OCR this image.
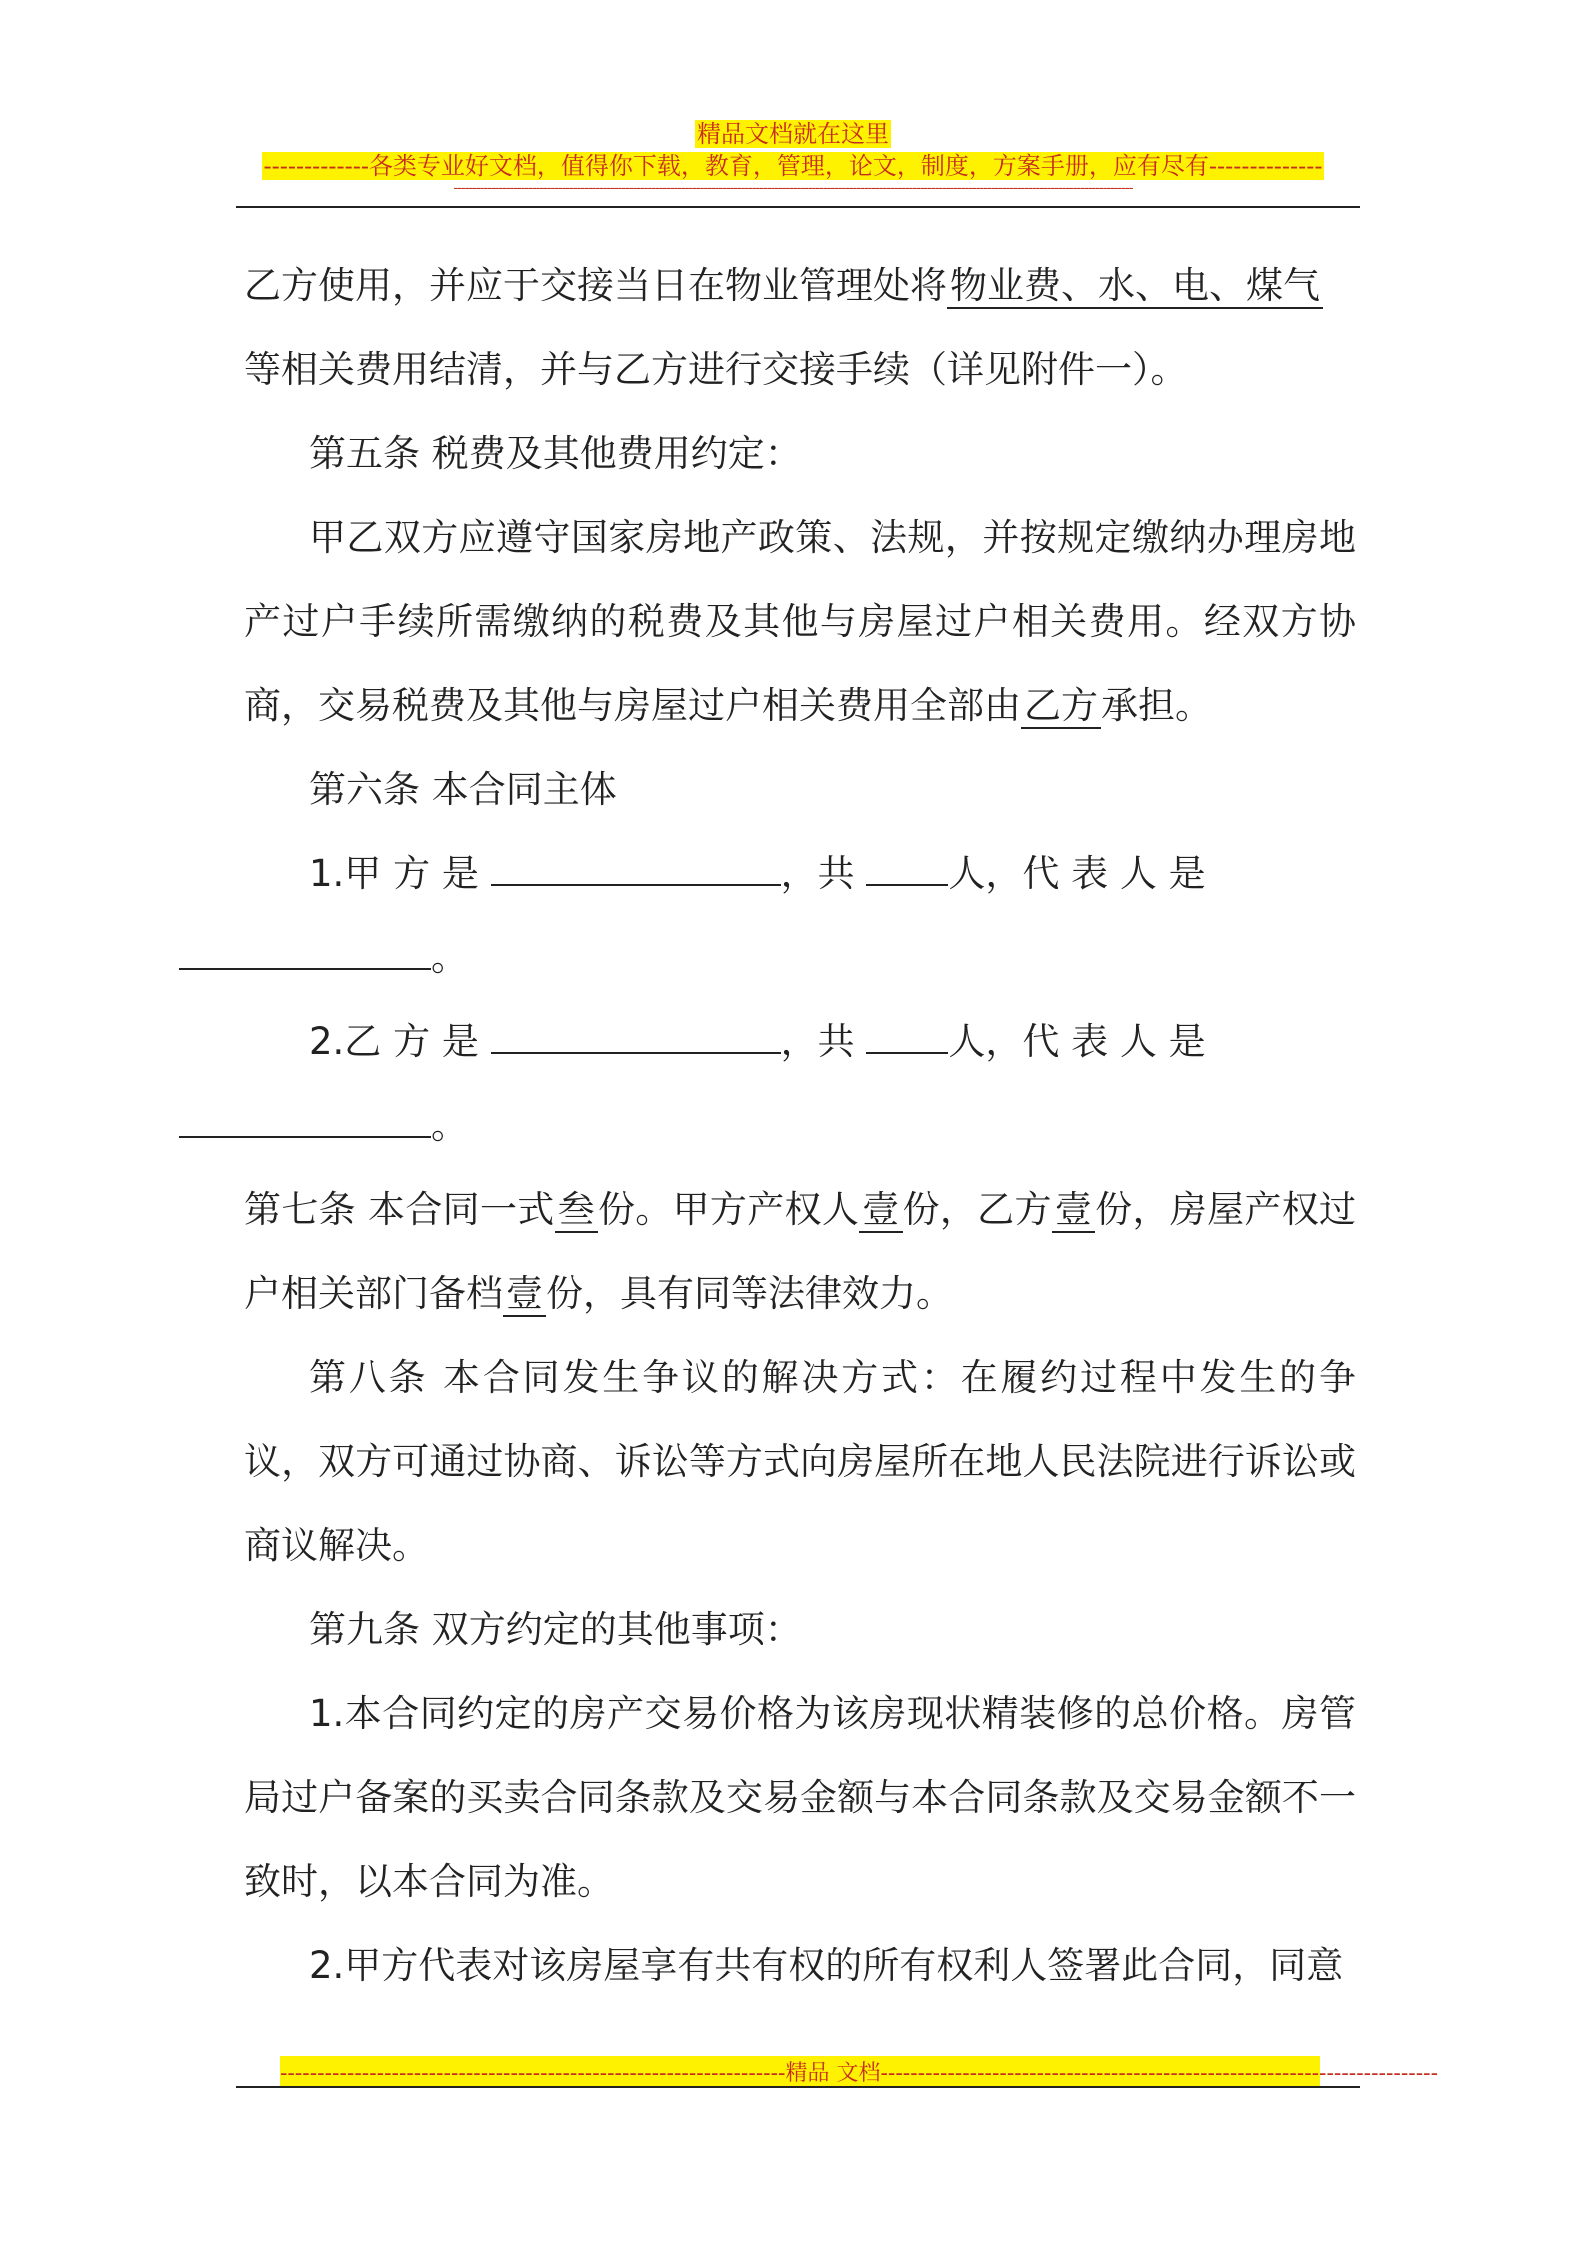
精品文档就在这里
-------------各类专业好文档，值得你下载，教育，管理，论文，制度，方案手册，应有尽有--------------
--------------------------------------------------------------------------------------------------------------------------------------------------------------------------------------

乙方使用，并应于交接当日在物业管理处将物业费、水、电、煤气
等相关费用结清，并与乙方进行交接手续（详见附件一）。

第五条 税费及其他费用约定：

甲乙双方应遵守国家房地产政策、法规，并按规定缴纳办理房地产过户手续所需缴纳的税费及其他与房屋过户相关费用。经双方协商，交易税费及其他与房屋过户相关费用全部由乙方承担。

第六条 本合同主体

1.甲 方 是	，共	人，代 表 人 是
。

2.乙 方 是	，共	人，代 表 人 是
。

第七条 本合同一式叁份。甲方产权人壹份，乙方壹份，房屋产权过户相关部门备档壹份，具有同等法律效力。

第八条 本合同发生争议的解决方式：在履约过程中发生的争议，双方可通过协商、诉讼等方式向房屋所在地人民法院进行诉讼或商议解决。

第九条 双方约定的其他事项：

1.本合同约定的房产交易价格为该房现状精装修的总价格。房管局过户备案的买卖合同条款及交易金额与本合同条款及交易金额不一致时，以本合同为准。

2.甲方代表对该房屋享有共有权的所有权利人签署此合同，同意

--------------------------------------------------------------------精品 文档---------------------------------------------------------------------------
